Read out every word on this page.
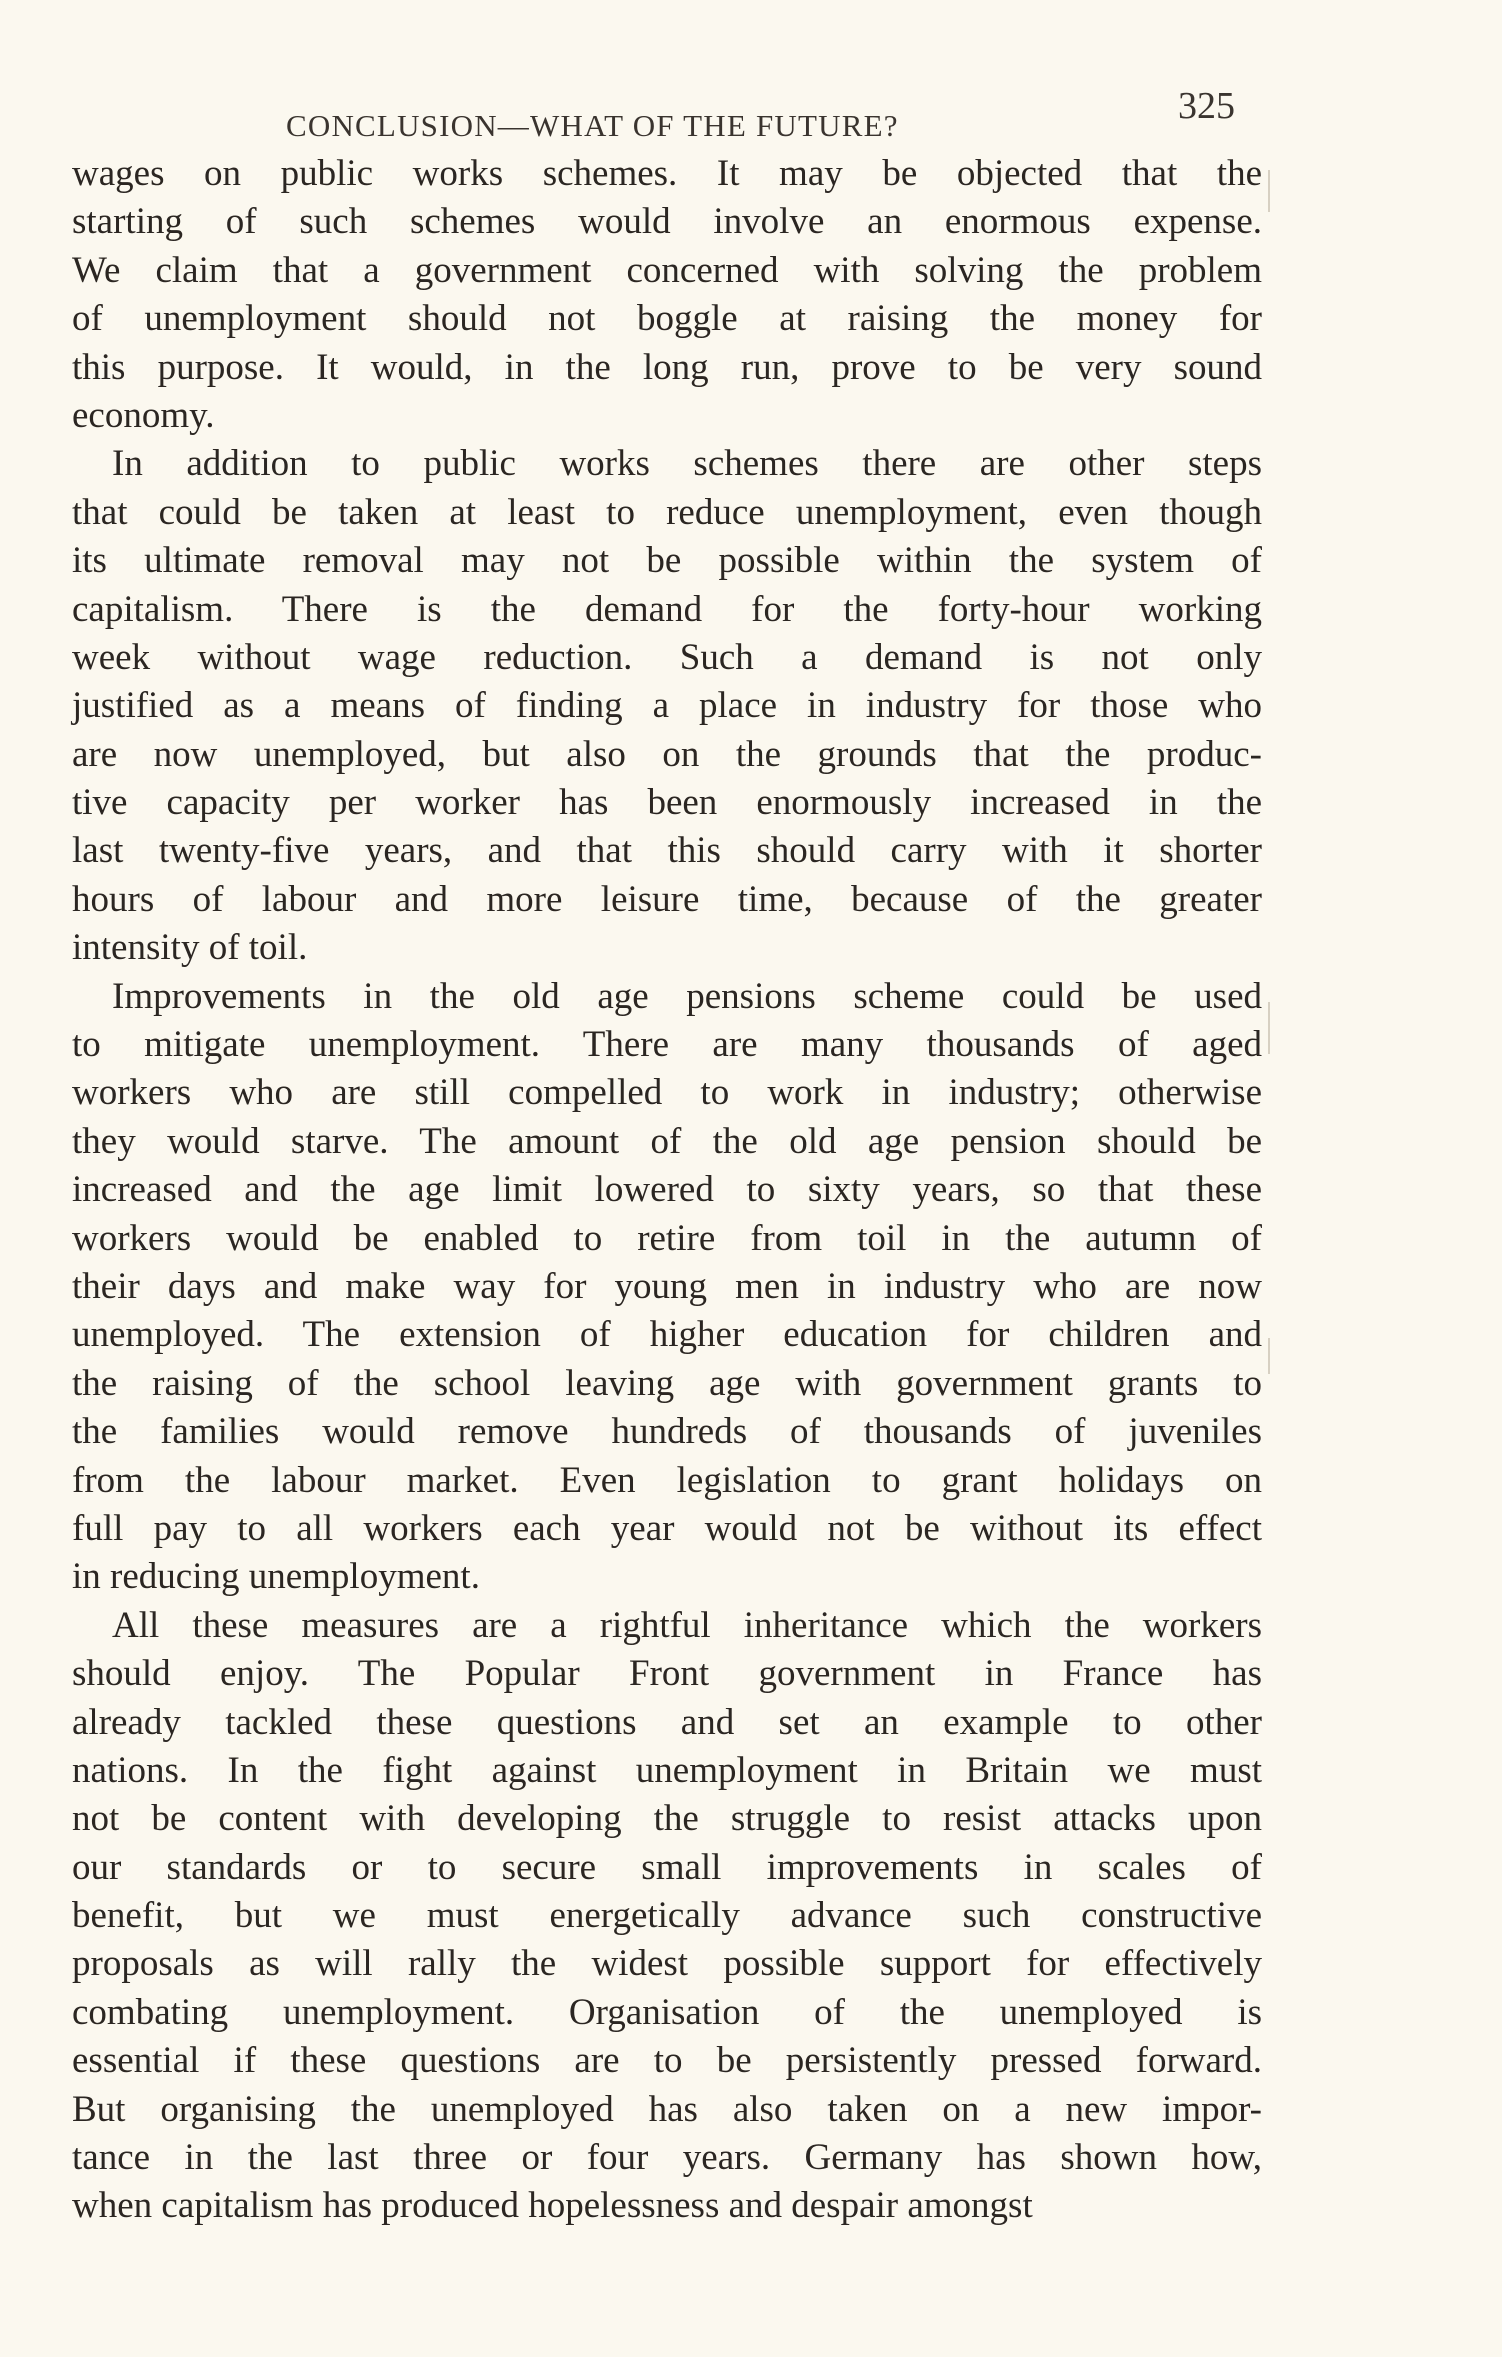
CONCLUSION—WHAT OF THE FUTURE?	325
wages on public works schemes. It may be objected that the
starting of such schemes would involve an enormous expense.
We claim that a government concerned with solving the problem
of unemployment should not boggle at raising the money for
this purpose. It would, in the long run, prove to be very sound
economy.
In addition to public works schemes there are other steps
that could be taken at least to reduce unemployment, even though
its ultimate removal may not be possible within the system of
capitalism. There is the demand for the forty-hour working
week without wage reduction. Such a demand is not only
justified as a means of finding a place in industry for those who
are now unemployed, but also on the grounds that the produc-
tive capacity per worker has been enormously increased in the
last twenty-five years, and that this should carry with it shorter
hours of labour and more leisure time, because of the greater
intensity of toil.
Improvements in the old age pensions scheme could be used
to mitigate unemployment. There are many thousands of aged
workers who are still compelled to work in industry; otherwise
they would starve. The amount of the old age pension should be
increased and the age limit lowered to sixty years, so that these
workers would be enabled to retire from toil in the autumn of
their days and make way for young men in industry who are now
unemployed. The extension of higher education for children and
the raising of the school leaving age with government grants to
the families would remove hundreds of thousands of juveniles
from the labour market. Even legislation to grant holidays on
full pay to all workers each year would not be without its effect
in reducing unemployment.
All these measures are a rightful inheritance which the workers
should enjoy. The Popular Front government in France has
already tackled these questions and set an example to other
nations. In the fight against unemployment in Britain we must
not be content with developing the struggle to resist attacks upon
our standards or to secure small improvements in scales of
benefit, but we must energetically advance such constructive
proposals as will rally the widest possible support for effectively
combating unemployment. Organisation of the unemployed is
essential if these questions are to be persistently pressed forward.
But organising the unemployed has also taken on a new impor-
tance in the last three or four years. Germany has shown how,
when capitalism has produced hopelessness and despair amongst
